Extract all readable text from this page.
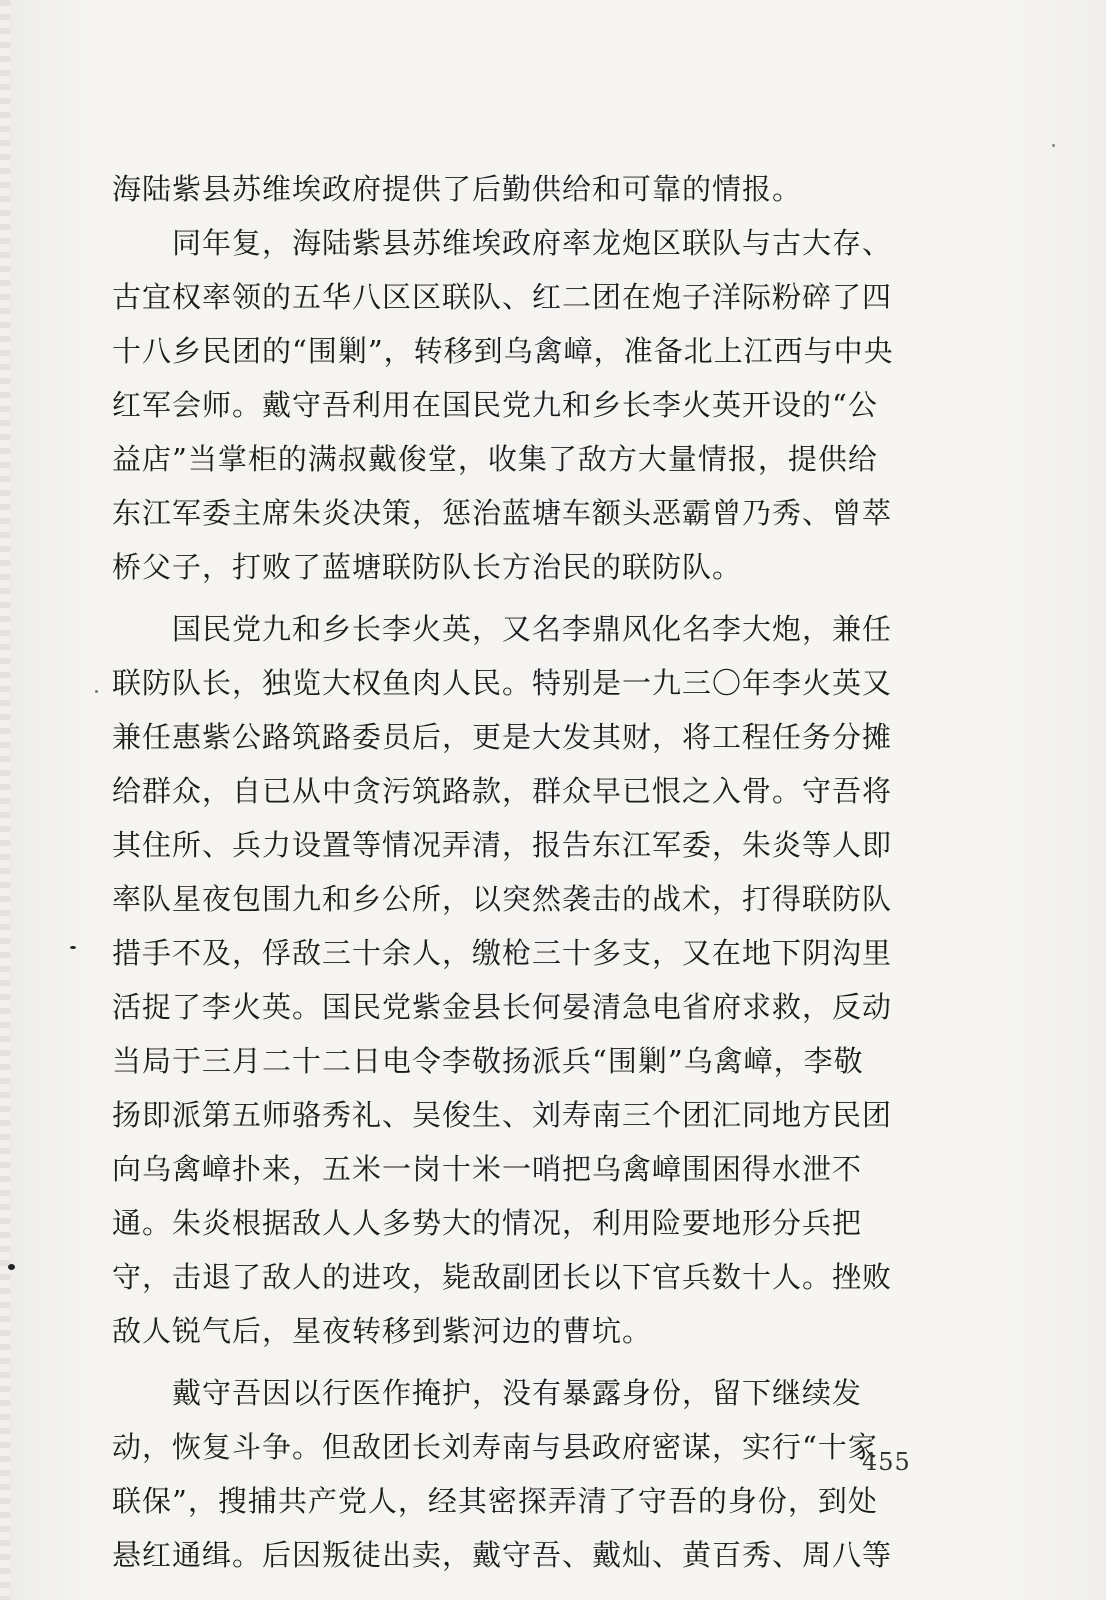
海陆紫县苏维埃政府提供了后勤供给和可靠的情报。
　　同年复，海陆紫县苏维埃政府率龙炮区联队与古大存、
古宜权率领的五华八区区联队、红二团在炮子洋际粉碎了四
十八乡民团的“围剿”，转移到乌禽嶂，准备北上江西与中央
红军会师。戴守吾利用在国民党九和乡长李火英开设的“公
益店”当掌柜的满叔戴俊堂，收集了敌方大量情报，提供给
东江军委主席朱炎决策，惩治蓝塘车额头恶霸曾乃秀、曾萃
桥父子，打败了蓝塘联防队长方治民的联防队。
　　国民党九和乡长李火英，又名李鼎风化名李大炮，兼任
联防队长，独览大权鱼肉人民。特别是一九三〇年李火英又
兼任惠紫公路筑路委员后，更是大发其财，将工程任务分摊
给群众，自已从中贪污筑路款，群众早已恨之入骨。守吾将
其住所、兵力设置等情况弄清，报告东江军委，朱炎等人即
率队星夜包围九和乡公所，以突然袭击的战术，打得联防队
措手不及，俘敌三十余人，缴枪三十多支，又在地下阴沟里
活捉了李火英。国民党紫金县长何晏清急电省府求救，反动
当局于三月二十二日电令李敬扬派兵“围剿”乌禽嶂，李敬
扬即派第五师骆秀礼、吴俊生、刘寿南三个团汇同地方民团
向乌禽嶂扑来，五米一岗十米一哨把乌禽嶂围困得水泄不
通。朱炎根据敌人人多势大的情况，利用险要地形分兵把
守，击退了敌人的进攻，毙敌副团长以下官兵数十人。挫败
敌人锐气后，星夜转移到紫河边的曹坑。
　　戴守吾因以行医作掩护，没有暴露身份，留下继续发
动，恢复斗争。但敌团长刘寿南与县政府密谋，实行“十家
联保”，搜捕共产党人，经其密探弄清了守吾的身份，到处
悬红通缉。后因叛徒出卖，戴守吾、戴灿、黄百秀、周八等
455
